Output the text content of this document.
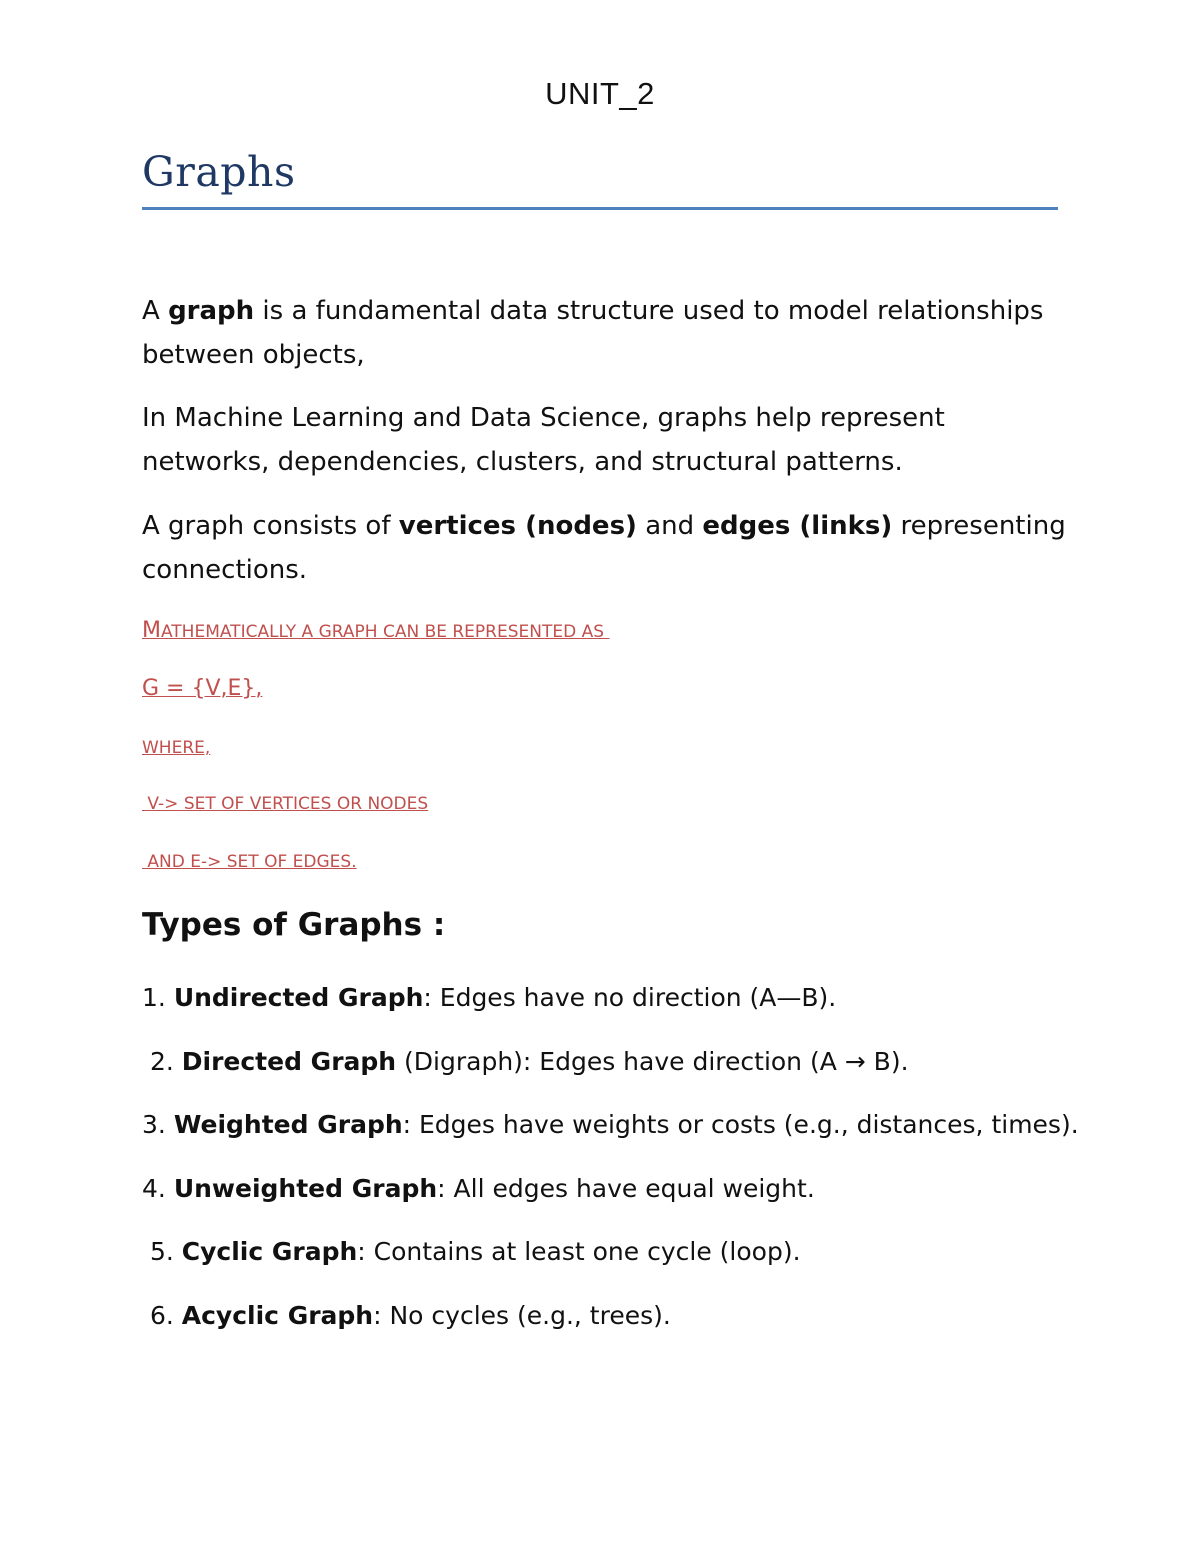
UNIT_2
Graphs
A graph is a fundamental data structure used to model relationships between objects,
In Machine Learning and Data Science, graphs help represent networks, dependencies, clusters, and structural patterns.
A graph consists of vertices (nodes) and edges (links) representing connections.
MATHEMATICALLY A GRAPH CAN BE REPRESENTED AS
G = {V,E},
WHERE,
V-> SET OF VERTICES OR NODES
AND E-> SET OF EDGES.
Types of Graphs :
1. Undirected Graph: Edges have no direction (A—B).
2. Directed Graph (Digraph): Edges have direction (A → B).
3. Weighted Graph: Edges have weights or costs (e.g., distances, times).
4. Unweighted Graph: All edges have equal weight.
5. Cyclic Graph: Contains at least one cycle (loop).
6. Acyclic Graph: No cycles (e.g., trees).
